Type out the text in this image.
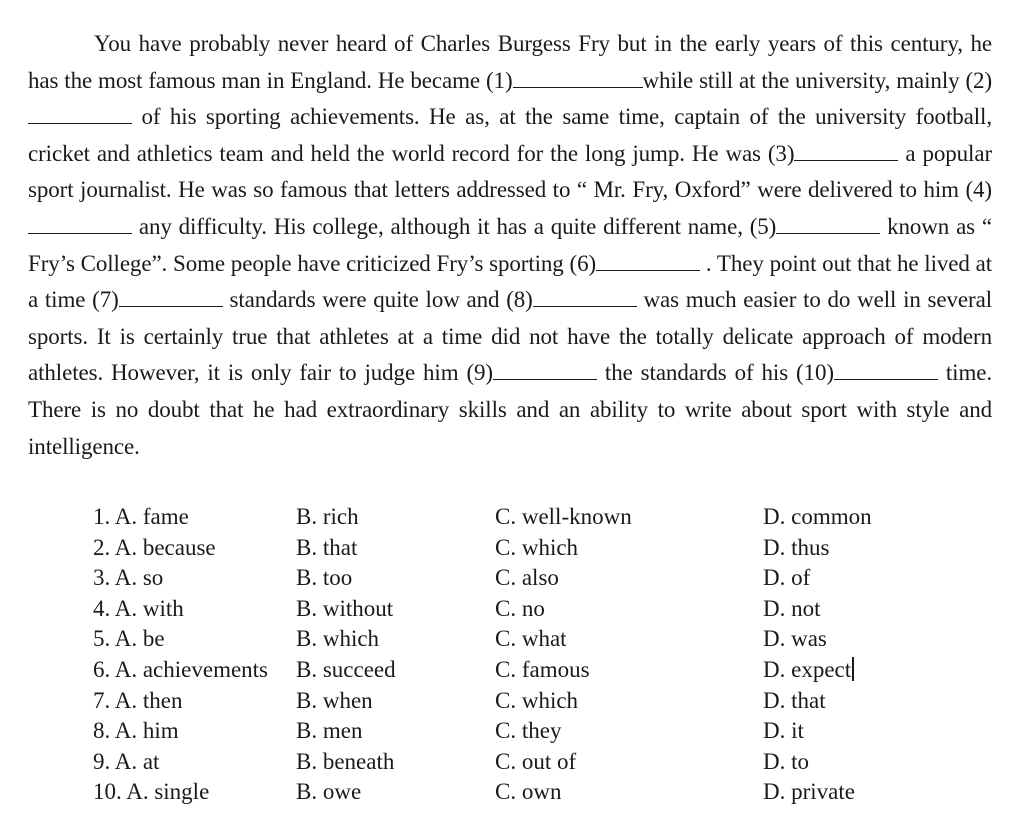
You have probably never heard of Charles Burgess Fry but in the early years of this century, he has the most famous man in England. He became (1)	while still at the university, mainly (2) of his sporting achievements. He as, at the same time, captain of the university football, cricket and athletics team and held the world record for the long jump. He was (3)	a popular sport journalist. He was so famous that letters addressed to “ Mr. Fry, Oxford” were delivered to him (4) any difficulty. His college, although it has a quite different name, (5)	known as “ Fry’s College”. Some people have criticized Fry’s sporting (6)	. They point out that he lived at a time (7)	standards were quite low and (8)	was much easier to do well in several sports. It is certainly true that athletes at a time did not have the totally delicate approach of modern athletes. However, it is only fair to judge him (9)	the standards of his (10)	time. There is no doubt that he had extraordinary skills and an ability to write about sport with style and intelligence.

1. A. fame	B. rich	C. well-known	D. common
2. A. because	B. that	C. which	D. thus
3. A. so	B. too	C. also	D. of
4. A. with	B. without	C. no	D. not
5. A. be	B. which	C. what	D. was
6. A. achievements B. succeed	C. famous	D. expect
7. A. then	B. when	C. which	D. that
8. A. him	B. men	C. they	D. it
9. A. at	B. beneath	C. out of	D. to
10. A. single	B. owe	C. own	D. private
